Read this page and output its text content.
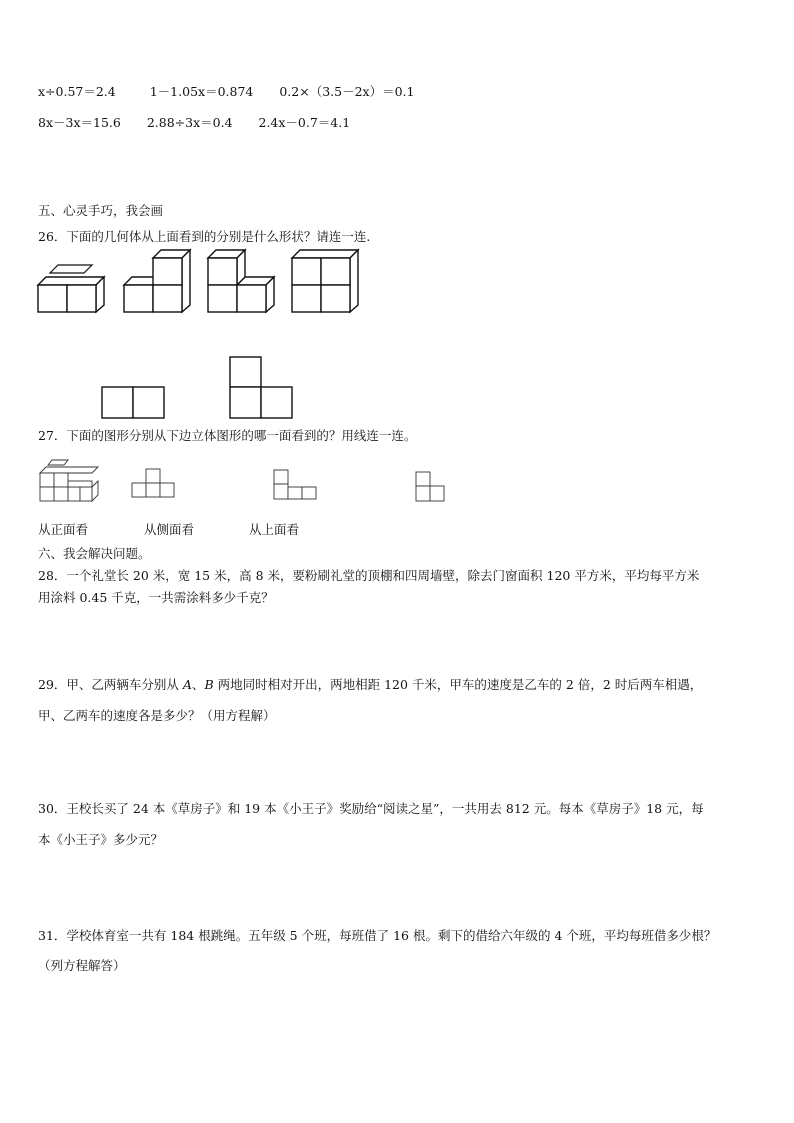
x÷0.57＝2.4	1－1.05x＝0.874 0.2×（3.5－2x）＝0.1
8x－3x＝15.6 2.88÷3x＝0.4 2.4x－0.7＝4.1
五、心灵手巧，我会画
26．下面的几何体从上面看到的分别是什么形状？请连一连.
27．下面的图形分别从下边立体图形的哪一面看到的？用线连一连。
从正面看	从侧面看	从上面看
六、我会解决问题。
28．一个礼堂长 20 米，宽 15 米，高 8 米，要粉刷礼堂的顶棚和四周墙壁，除去门窗面积 120 平方米，平均每平方米
用涂料 0.45 千克，一共需涂料多少千克？
29．甲、乙两辆车分别从 A、B 两地同时相对开出，两地相距 120 千米，甲车的速度是乙车的 2 倍，2 时后两车相遇，
甲、乙两车的速度各是多少？（用方程解）
30．王校长买了 24 本《草房子》和 19 本《小王子》奖励给“阅读之星”，一共用去 812 元。每本《草房子》18 元，每
本《小王子》多少元？
31．学校体育室一共有 184 根跳绳。五年级 5 个班，每班借了 16 根。剩下的借给六年级的 4 个班，平均每班借多少根？
（列方程解答）
